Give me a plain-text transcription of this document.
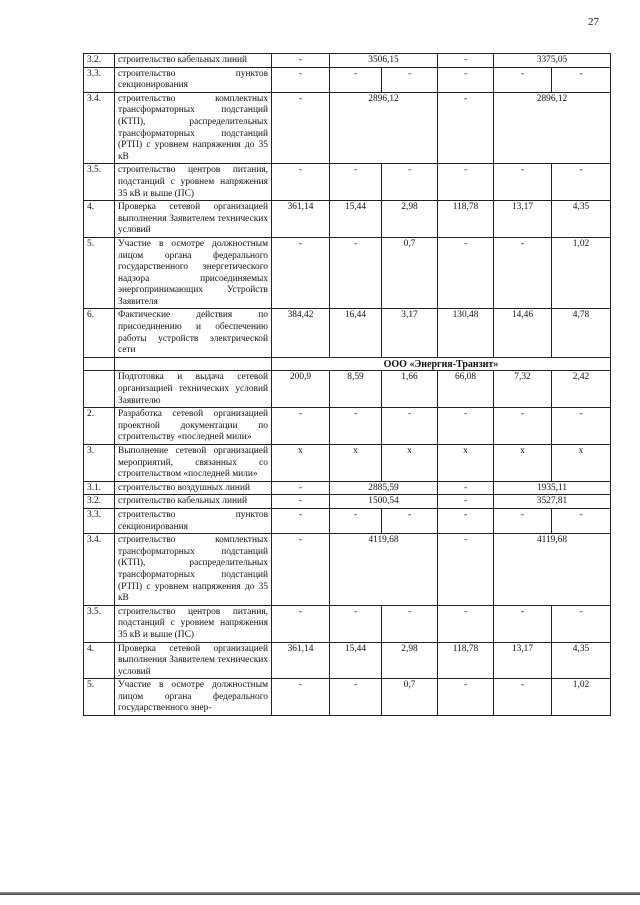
27
3.2.	строительство кабельных линий	-	3506,15		-	3375,05	
3.3.	строительство пунктов секционирования	-	-	-	-	-	-
3.4.	строительство комплектных трансформаторных подстанций (КТП), распределительных трансформаторных подстанций (РТП) с уровнем напряжения до 35 кВ	-	2896,12		-	2896,12	
3.5.	строительство центров питания, подстанций с уровнем напряжения 35 кВ и выше (ПС)	-	-	-	-	-	-
4.	Проверка сетевой организацией выполнения Заявителем технических условий	361,14	15,44	2,98	118,78	13,17	4,35
5.	Участие в осмотре должностным лицом органа федерального государственного энергетического надзора присоединяемых энергопринимающих Устройств Заявителя	-	-	0,7	-	-	1,02
6.	Фактические действия по присоединению и обеспечению работы устройств электрической сети	384,42	16,44	3,17	130,48	14,46	4,78
		ООО «Энергия-Транзит»					
	Подготовка и выдача сетевой организацией технических условий Заявителю	200,9	8,59	1,66	66,08	7,32	2,42
2.	Разработка сетевой организацией проектной документации по строительству «последней мили»	-	-	-	-	-	-
3.	Выполнение сетевой организацией мероприятий, связанных со строительством «последней мили»	x	x	x	x	x	x
3.1.	строительство воздушных линий	-	2885,59		-	1935,11	
3.2.	строительство кабельных линий	-	1500,54		-	3527,81	
3.3.	строительство пунктов секционирования	-	-	-	-	-	-
3.4.	строительство комплектных трансформаторных подстанций (КТП), распределительных трансформаторных подстанций (РТП) с уровнем напряжения до 35 кВ	-	4119,68		-	4119,68	
3.5.	строительство центров питания, подстанций с уровнем напряжения 35 кВ и выше (ПС)	-	-	-	-	-	-
4.	Проверка сетевой организацией выполнения Заявителем технических условий	361,14	15,44	2,98	118,78	13,17	4,35
5.	Участие в осмотре должностным лицом органа федерального государственного энер-	-	-	0,7	-	-	1,02
